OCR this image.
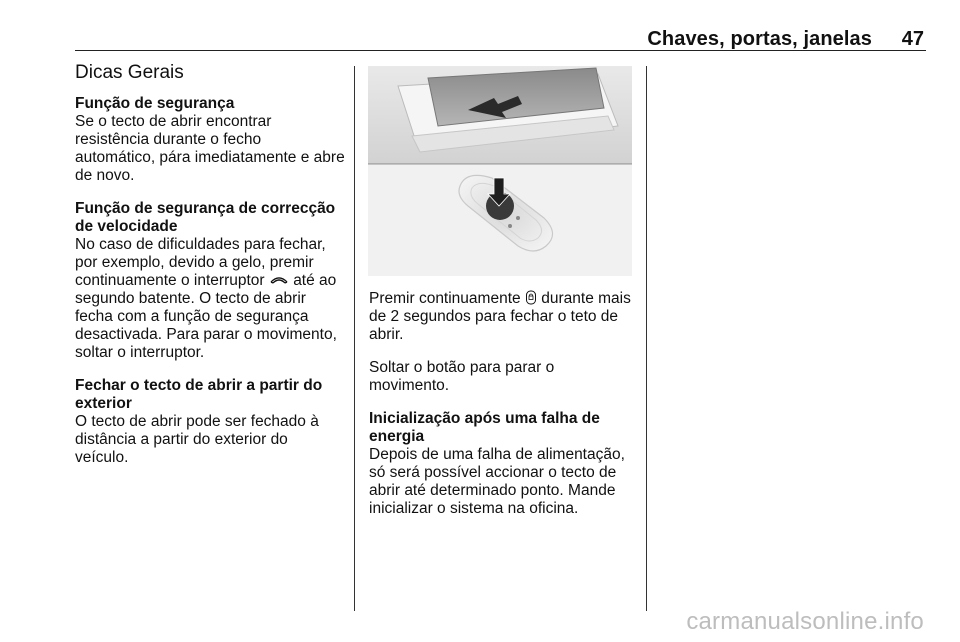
Chaves, portas, janelas 47
Dicas Gerais
Função de segurança

Se o tecto de abrir encontrar resistência durante o fecho automático, pára imediatamente e abre de novo.

Função de segurança de correcção de velocidade

No caso de dificuldades para fechar, por exemplo, devido a gelo, premir continuamente o interruptor até ao segundo batente. O tecto de abrir fecha com a função de segurança desactivada. Para parar o movimento, soltar o interruptor.

Fechar o tecto de abrir a partir do exterior

O tecto de abrir pode ser fechado à distância a partir do exterior do veículo.

Premir continuamente durante mais de 2 segundos para fechar o teto de abrir.

Soltar o botão para parar o movimento.

Inicialização após uma falha de energia

Depois de uma falha de alimentação, só será possível accionar o tecto de abrir até determinado ponto. Mande inicializar o sistema na oficina.

carmanualsonline.info
